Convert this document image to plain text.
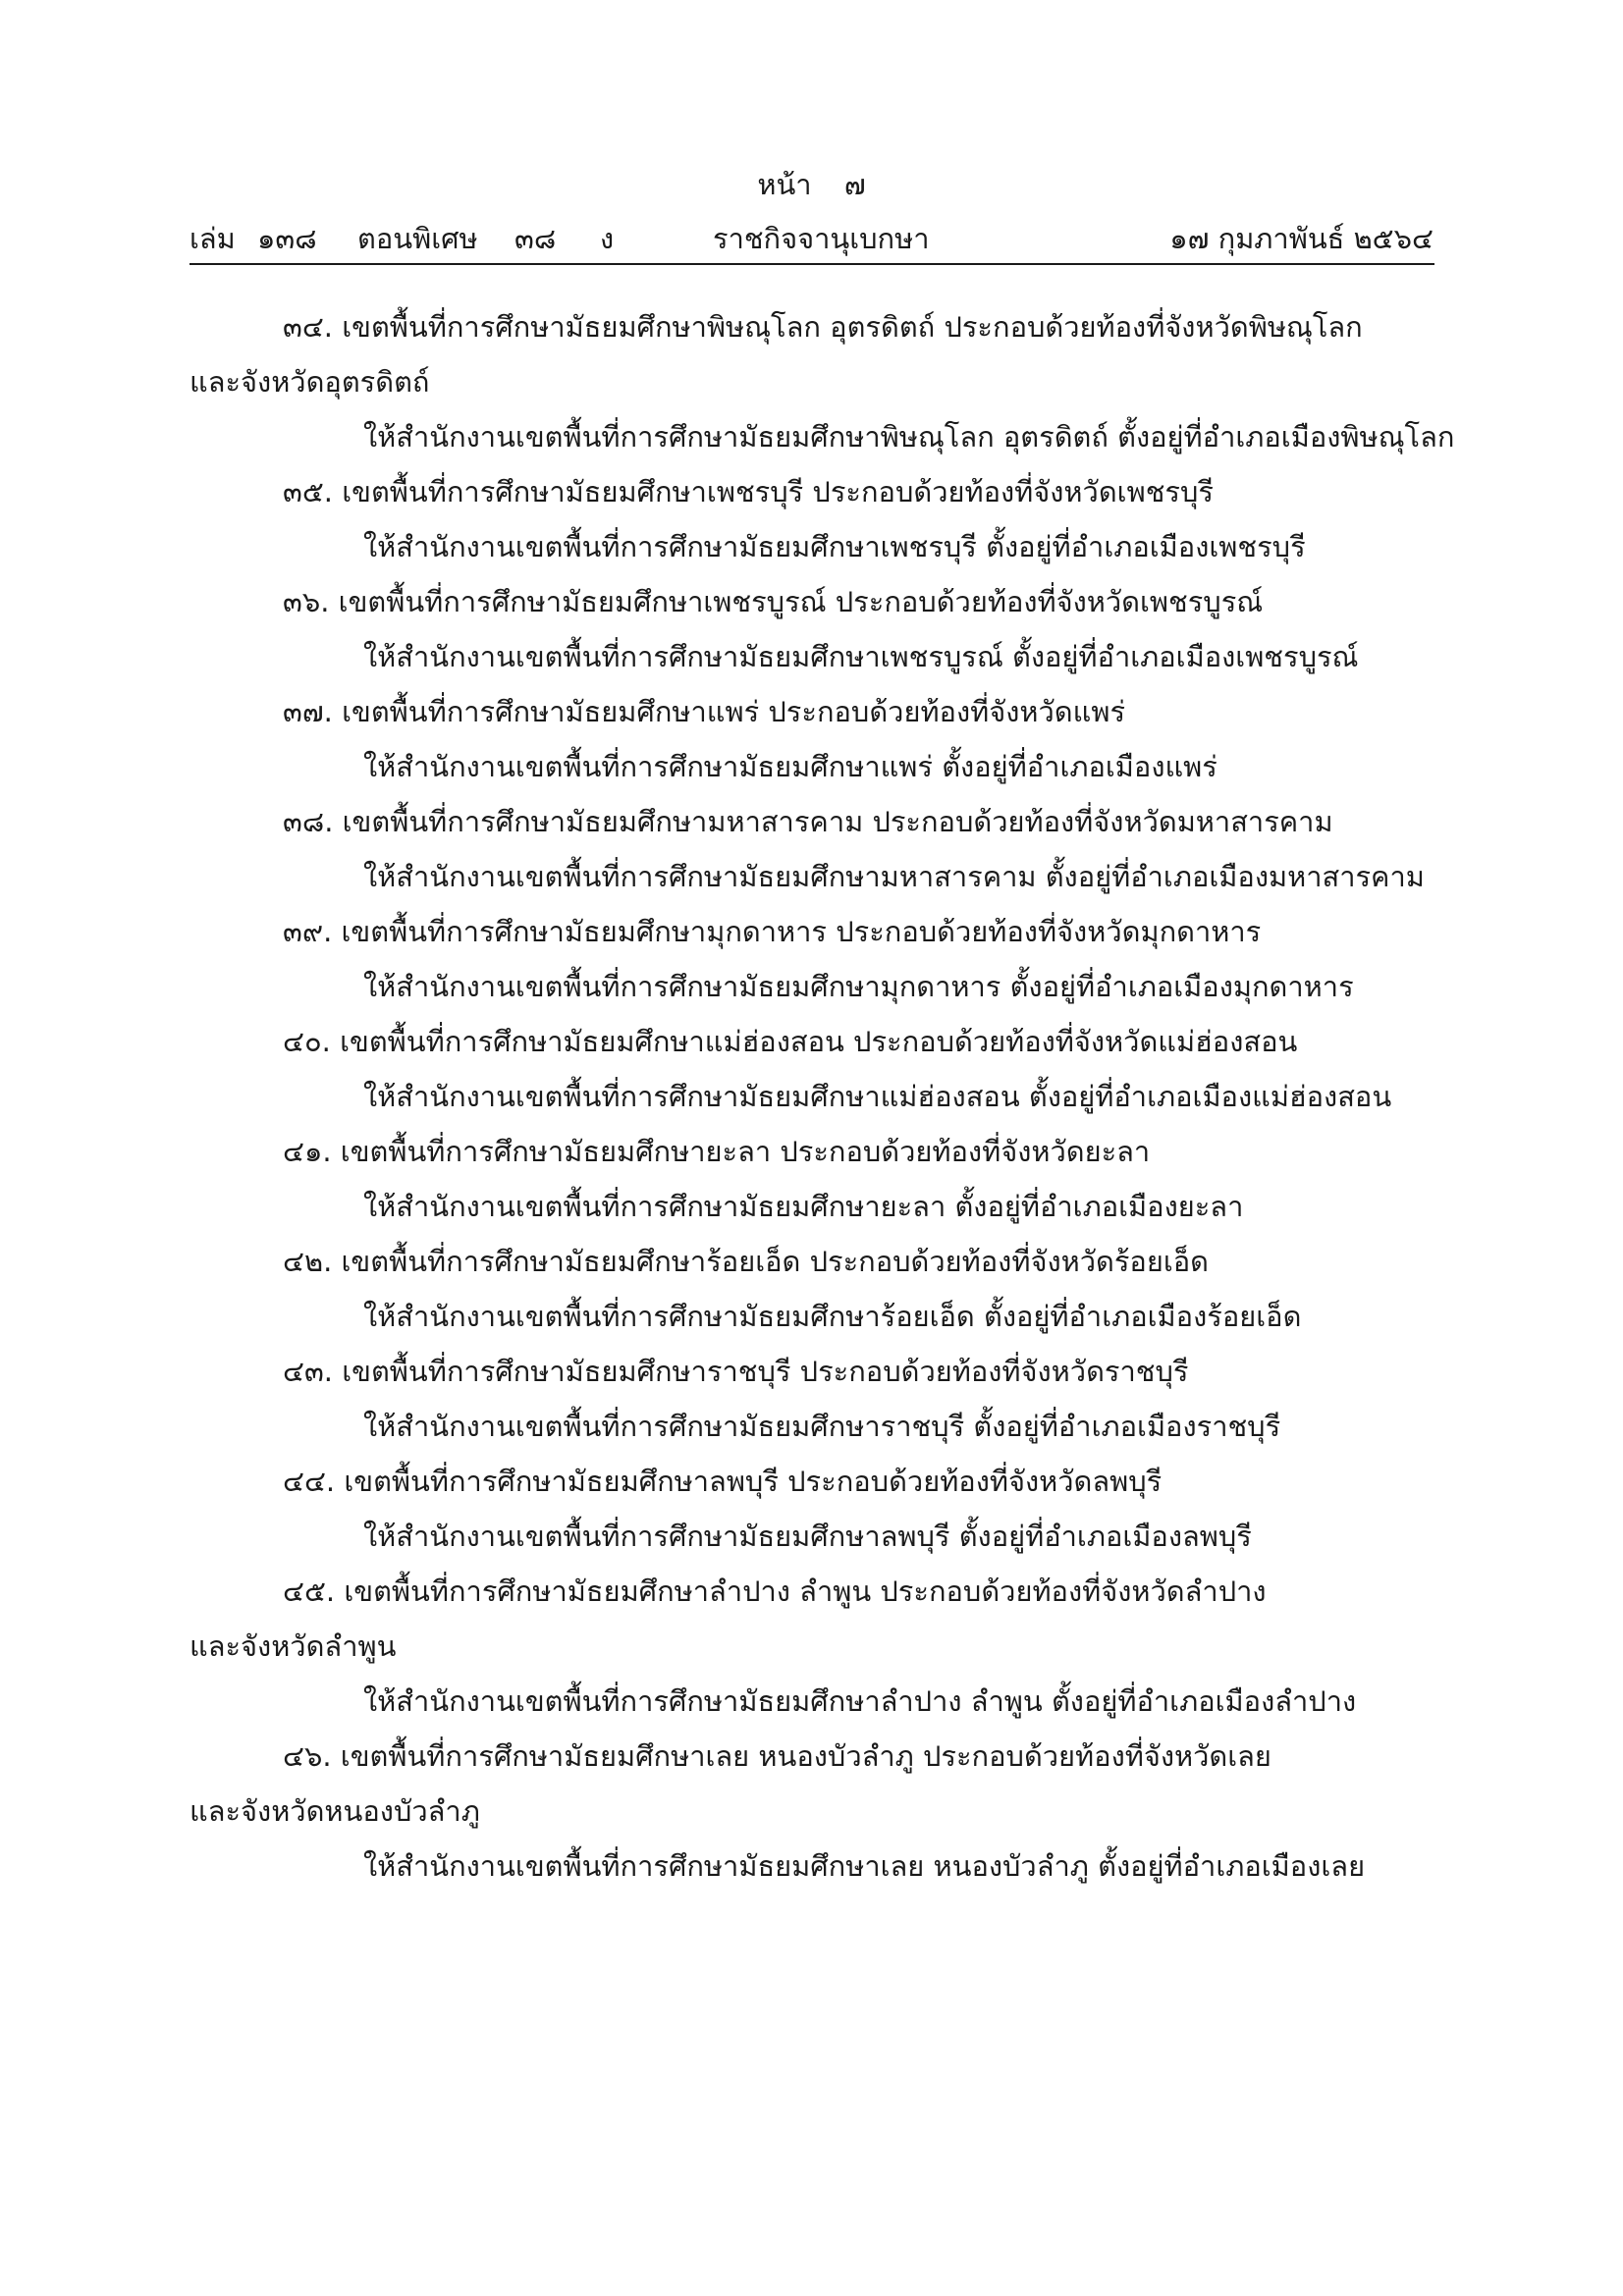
หน้า ๗
เล่ม ๑๓๘ ตอนพิเศษ ๓๘ ง	ราชกิจจานุเบกษา	๑๗ กุมภาพันธ์ ๒๕๖๔

๓๔. เขตพื้นที่การศึกษามัธยมศึกษาพิษณุโลก อุตรดิตถ์ ประกอบด้วยท้องที่จังหวัดพิษณุโลก

และจังหวัดอุตรดิตถ์

ให้สำนักงานเขตพื้นที่การศึกษามัธยมศึกษาพิษณุโลก อุตรดิตถ์ ตั้งอยู่ที่อำเภอเมืองพิษณุโลก

๓๕. เขตพื้นที่การศึกษามัธยมศึกษาเพชรบุรี ประกอบด้วยท้องที่จังหวัดเพชรบุรี

ให้สำนักงานเขตพื้นที่การศึกษามัธยมศึกษาเพชรบุรี ตั้งอยู่ที่อำเภอเมืองเพชรบุรี

๓๖. เขตพื้นที่การศึกษามัธยมศึกษาเพชรบูรณ์ ประกอบด้วยท้องที่จังหวัดเพชรบูรณ์

ให้สำนักงานเขตพื้นที่การศึกษามัธยมศึกษาเพชรบูรณ์ ตั้งอยู่ที่อำเภอเมืองเพชรบูรณ์

๓๗. เขตพื้นที่การศึกษามัธยมศึกษาแพร่ ประกอบด้วยท้องที่จังหวัดแพร่

ให้สำนักงานเขตพื้นที่การศึกษามัธยมศึกษาแพร่ ตั้งอยู่ที่อำเภอเมืองแพร่

๓๘. เขตพื้นที่การศึกษามัธยมศึกษามหาสารคาม ประกอบด้วยท้องที่จังหวัดมหาสารคาม

ให้สำนักงานเขตพื้นที่การศึกษามัธยมศึกษามหาสารคาม ตั้งอยู่ที่อำเภอเมืองมหาสารคาม

๓๙. เขตพื้นที่การศึกษามัธยมศึกษามุกดาหาร ประกอบด้วยท้องที่จังหวัดมุกดาหาร

ให้สำนักงานเขตพื้นที่การศึกษามัธยมศึกษามุกดาหาร ตั้งอยู่ที่อำเภอเมืองมุกดาหาร

๔๐. เขตพื้นที่การศึกษามัธยมศึกษาแม่ฮ่องสอน ประกอบด้วยท้องที่จังหวัดแม่ฮ่องสอน

ให้สำนักงานเขตพื้นที่การศึกษามัธยมศึกษาแม่ฮ่องสอน ตั้งอยู่ที่อำเภอเมืองแม่ฮ่องสอน

๔๑. เขตพื้นที่การศึกษามัธยมศึกษายะลา ประกอบด้วยท้องที่จังหวัดยะลา

ให้สำนักงานเขตพื้นที่การศึกษามัธยมศึกษายะลา ตั้งอยู่ที่อำเภอเมืองยะลา

๔๒. เขตพื้นที่การศึกษามัธยมศึกษาร้อยเอ็ด ประกอบด้วยท้องที่จังหวัดร้อยเอ็ด

ให้สำนักงานเขตพื้นที่การศึกษามัธยมศึกษาร้อยเอ็ด ตั้งอยู่ที่อำเภอเมืองร้อยเอ็ด

๔๓. เขตพื้นที่การศึกษามัธยมศึกษาราชบุรี ประกอบด้วยท้องที่จังหวัดราชบุรี

ให้สำนักงานเขตพื้นที่การศึกษามัธยมศึกษาราชบุรี ตั้งอยู่ที่อำเภอเมืองราชบุรี

๔๔. เขตพื้นที่การศึกษามัธยมศึกษาลพบุรี ประกอบด้วยท้องที่จังหวัดลพบุรี

ให้สำนักงานเขตพื้นที่การศึกษามัธยมศึกษาลพบุรี ตั้งอยู่ที่อำเภอเมืองลพบุรี

๔๕. เขตพื้นที่การศึกษามัธยมศึกษาลำปาง ลำพูน ประกอบด้วยท้องที่จังหวัดลำปาง

และจังหวัดลำพูน

ให้สำนักงานเขตพื้นที่การศึกษามัธยมศึกษาลำปาง ลำพูน ตั้งอยู่ที่อำเภอเมืองลำปาง

๔๖. เขตพื้นที่การศึกษามัธยมศึกษาเลย หนองบัวลำภู ประกอบด้วยท้องที่จังหวัดเลย

และจังหวัดหนองบัวลำภู

ให้สำนักงานเขตพื้นที่การศึกษามัธยมศึกษาเลย หนองบัวลำภู ตั้งอยู่ที่อำเภอเมืองเลย
